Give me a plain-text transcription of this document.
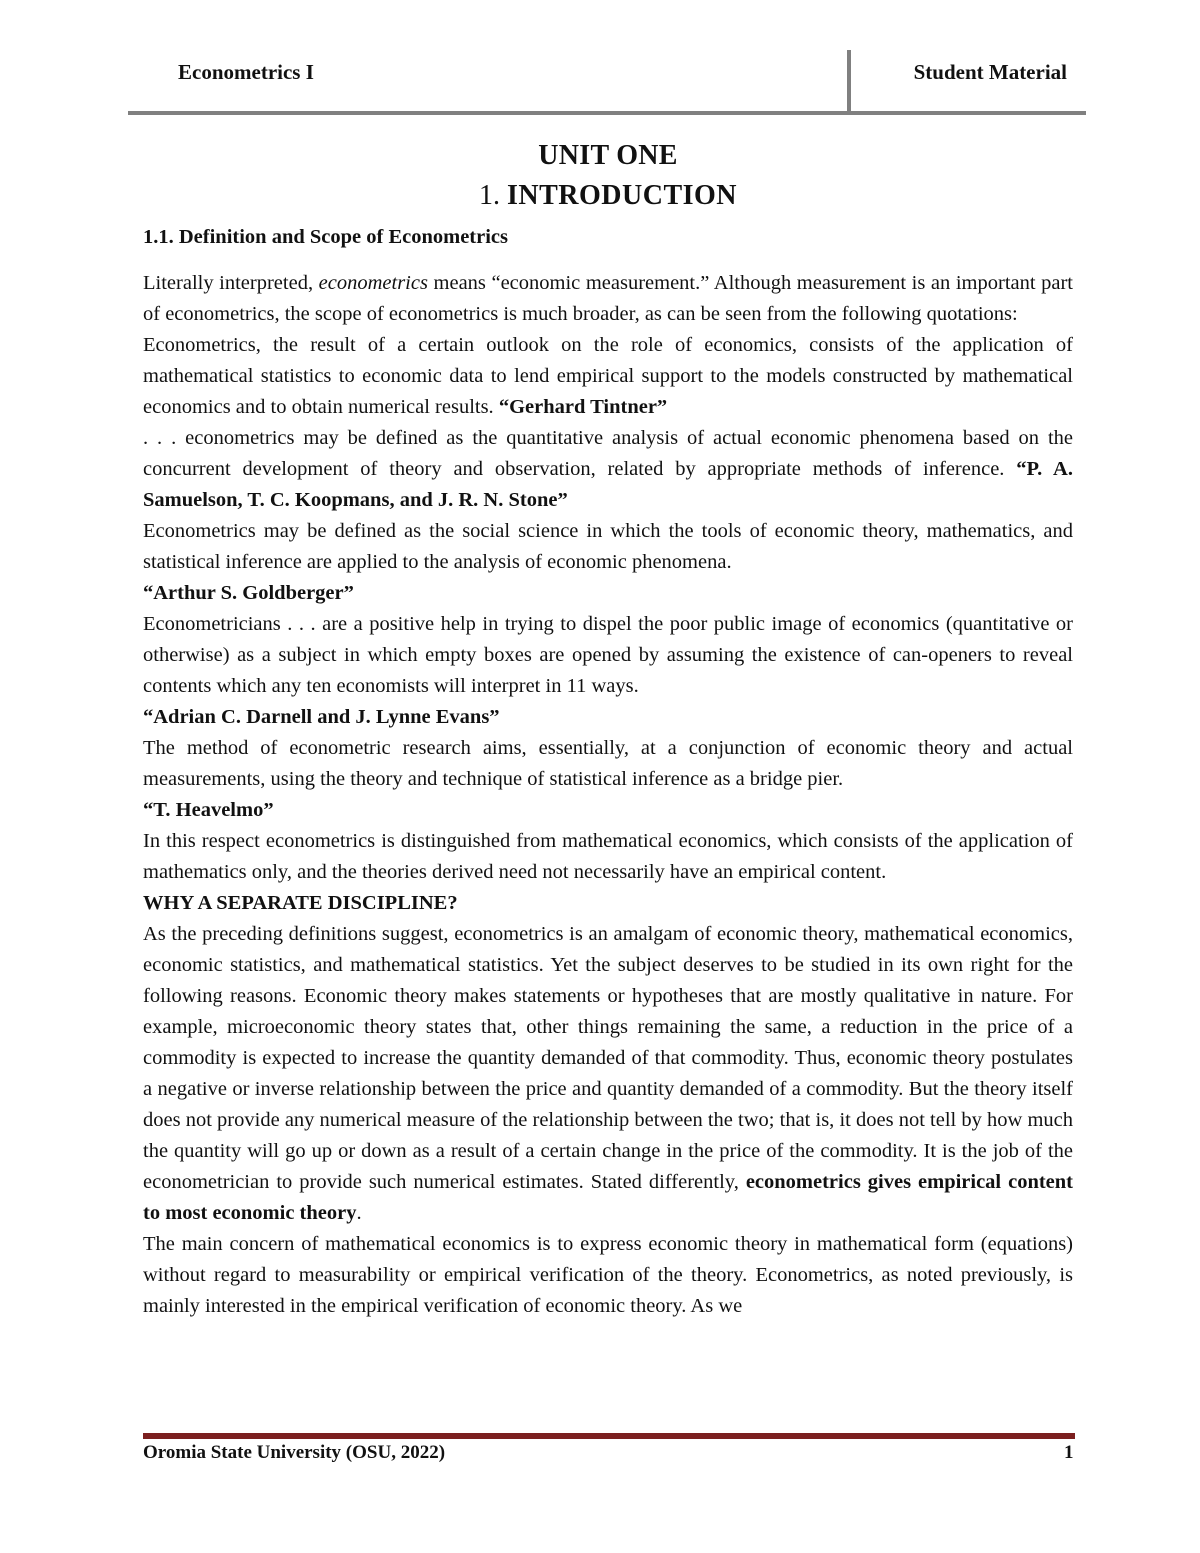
Econometrics I	Student Material
UNIT ONE
1. INTRODUCTION
1.1. Definition and Scope of Econometrics

Literally interpreted, econometrics means “economic measurement.” Although measurement is an important part of econometrics, the scope of econometrics is much broader, as can be seen from the following quotations:

Econometrics, the result of a certain outlook on the role of economics, consists of the application of mathematical statistics to economic data to lend empirical support to the models constructed by mathematical economics and to obtain numerical results. “Gerhard Tintner”

. . . econometrics may be defined as the quantitative analysis of actual economic phenomena based on the concurrent development of theory and observation, related by appropriate methods of inference. “P. A. Samuelson, T. C. Koopmans, and J. R. N. Stone”

Econometrics may be defined as the social science in which the tools of economic theory, mathematics, and statistical inference are applied to the analysis of economic phenomena.

“Arthur S. Goldberger”

Econometricians . . . are a positive help in trying to dispel the poor public image of economics (quantitative or otherwise) as a subject in which empty boxes are opened by assuming the existence of can-openers to reveal contents which any ten economists will interpret in 11 ways.

“Adrian C. Darnell and J. Lynne Evans”

The method of econometric research aims, essentially, at a conjunction of economic theory and actual measurements, using the theory and technique of statistical inference as a bridge pier.

“T. Heavelmo”

In this respect econometrics is distinguished from mathematical economics, which consists of the application of mathematics only, and the theories derived need not necessarily have an empirical content.

WHY A SEPARATE DISCIPLINE?

As the preceding definitions suggest, econometrics is an amalgam of economic theory, mathematical economics, economic statistics, and mathematical statistics. Yet the subject deserves to be studied in its own right for the following reasons. Economic theory makes statements or hypotheses that are mostly qualitative in nature. For example, microeconomic theory states that, other things remaining the same, a reduction in the price of a commodity is expected to increase the quantity demanded of that commodity. Thus, economic theory postulates a negative or inverse relationship between the price and quantity demanded of a commodity. But the theory itself does not provide any numerical measure of the relationship between the two; that is, it does not tell by how much the quantity will go up or down as a result of a certain change in the price of the commodity. It is the job of the econometrician to provide such numerical estimates. Stated differently, econometrics gives empirical content to most economic theory.

The main concern of mathematical economics is to express economic theory in mathematical form (equations) without regard to measurability or empirical verification of the theory. Econometrics, as noted previously, is mainly interested in the empirical verification of economic theory. As we

Oromia State University (OSU, 2022)	1
